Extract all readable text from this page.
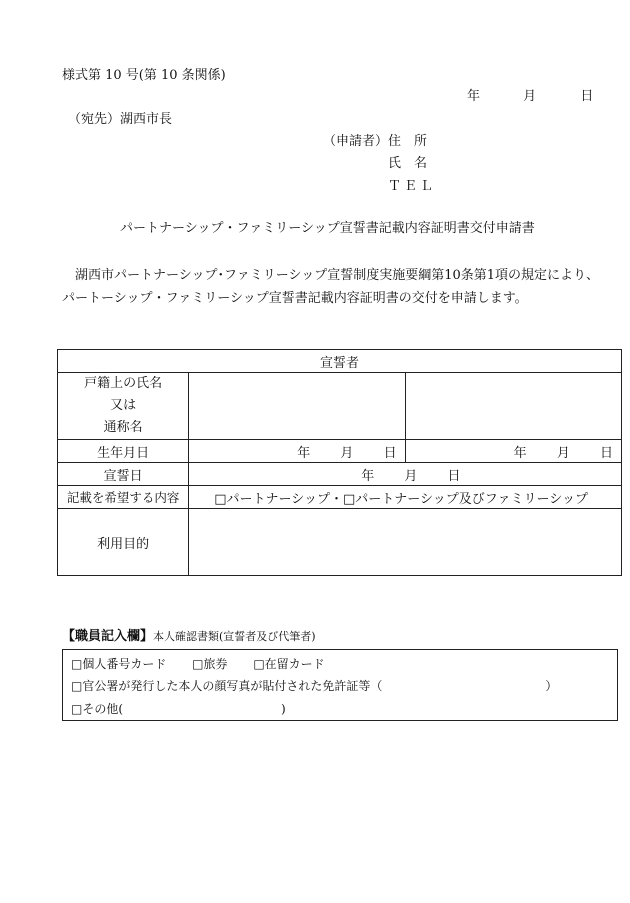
様式第 10 号(第 10 条関係)
年	月	日
（宛先）湖西市長
（申請者） 住　所
氏　名
ＴＥＬ
パートナーシップ・ファミリーシップ宣誓書記載内容証明書交付申請書
湖西市パートナーシップ･ファミリーシップ宣誓制度実施要綱第10条第1項の規定により、
パートーシップ・ファミリーシップ宣誓書記載内容証明書の交付を申請します。
宣誓者		

戸籍上の氏名
又は
通称名		

生年月日	年 月 日	年 月 日
宣誓日	年 月 日	
記載を希望する内容	□パートナーシップ・□パートナーシップ及びファミリーシップ	
利用目的		
【職員記入欄】本人確認書類(宣誓者及び代筆者)
□個人番号カード □旅券 □在留カード
□官公署が発行した本人の顔写真が貼付された免許証等（	）
□その他(	)
